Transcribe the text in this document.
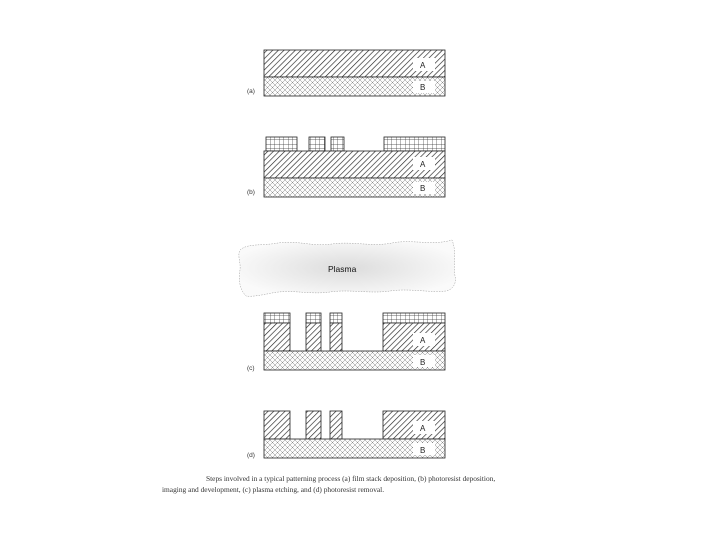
A
B
(a)
A
B
(b)
Plasma
A
B
(c)
A
B
(d)
Steps involved in a typical patterning process (a) film stack deposition, (b) photoresist deposition,
imaging and development, (c) plasma etching, and (d) photoresist removal.
